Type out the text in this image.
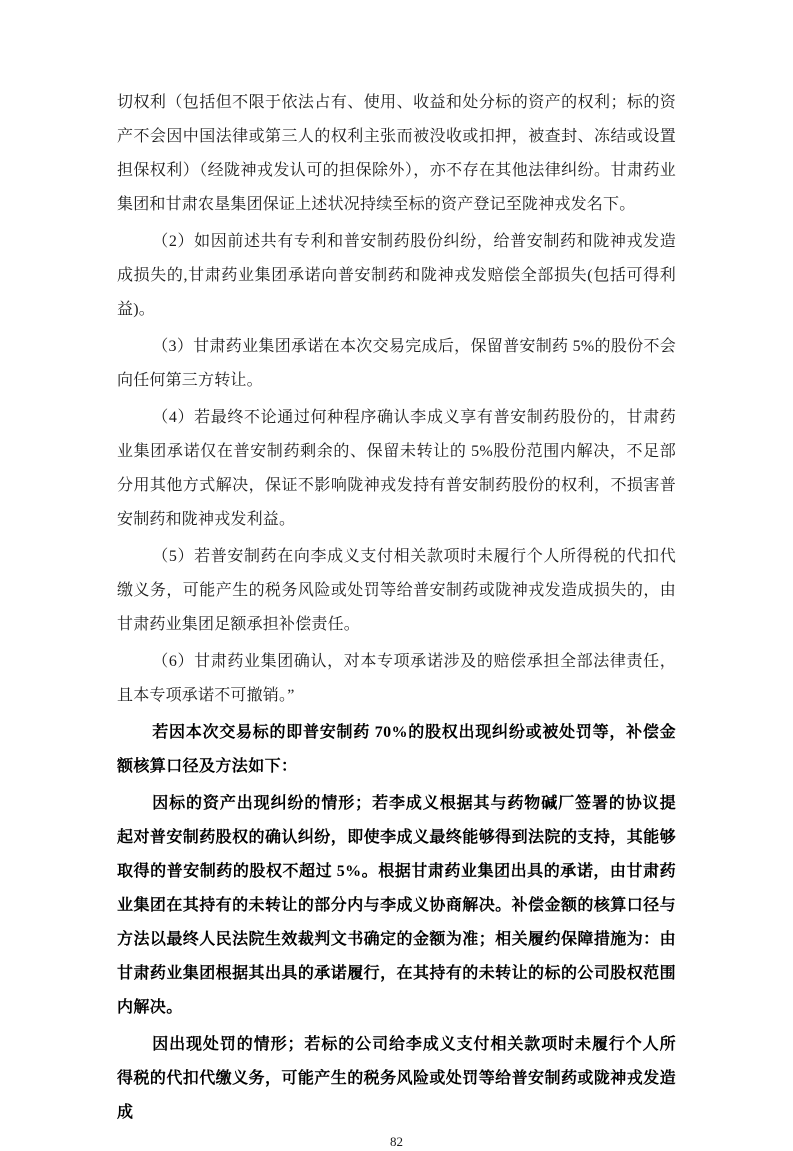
切权利（包括但不限于依法占有、使用、收益和处分标的资产的权利；标的资产不会因中国法律或第三人的权利主张而被没收或扣押，被查封、冻结或设置担保权利）（经陇神戎发认可的担保除外），亦不存在其他法律纠纷。甘肃药业集团和甘肃农垦集团保证上述状况持续至标的资产登记至陇神戎发名下。

（2）如因前述共有专利和普安制药股份纠纷，给普安制药和陇神戎发造成损失的,甘肃药业集团承诺向普安制药和陇神戎发赔偿全部损失(包括可得利益)。

（3）甘肃药业集团承诺在本次交易完成后，保留普安制药 5%的股份不会向任何第三方转让。

（4）若最终不论通过何种程序确认李成义享有普安制药股份的，甘肃药业集团承诺仅在普安制药剩余的、保留未转让的 5%股份范围内解决，不足部分用其他方式解决，保证不影响陇神戎发持有普安制药股份的权利，不损害普安制药和陇神戎发利益。

（5）若普安制药在向李成义支付相关款项时未履行个人所得税的代扣代缴义务，可能产生的税务风险或处罚等给普安制药或陇神戎发造成损失的，由甘肃药业集团足额承担补偿责任。

（6）甘肃药业集团确认，对本专项承诺涉及的赔偿承担全部法律责任，且本专项承诺不可撤销。”

若因本次交易标的即普安制药 70%的股权出现纠纷或被处罚等，补偿金额核算口径及方法如下：

因标的资产出现纠纷的情形；若李成义根据其与药物碱厂签署的协议提起对普安制药股权的确认纠纷，即使李成义最终能够得到法院的支持，其能够取得的普安制药的股权不超过 5%。根据甘肃药业集团出具的承诺，由甘肃药业集团在其持有的未转让的部分内与李成义协商解决。补偿金额的核算口径与方法以最终人民法院生效裁判文书确定的金额为准；相关履约保障措施为：由甘肃药业集团根据其出具的承诺履行，在其持有的未转让的标的公司股权范围内解决。

因出现处罚的情形；若标的公司给李成义支付相关款项时未履行个人所得税的代扣代缴义务，可能产生的税务风险或处罚等给普安制药或陇神戎发造成

82
